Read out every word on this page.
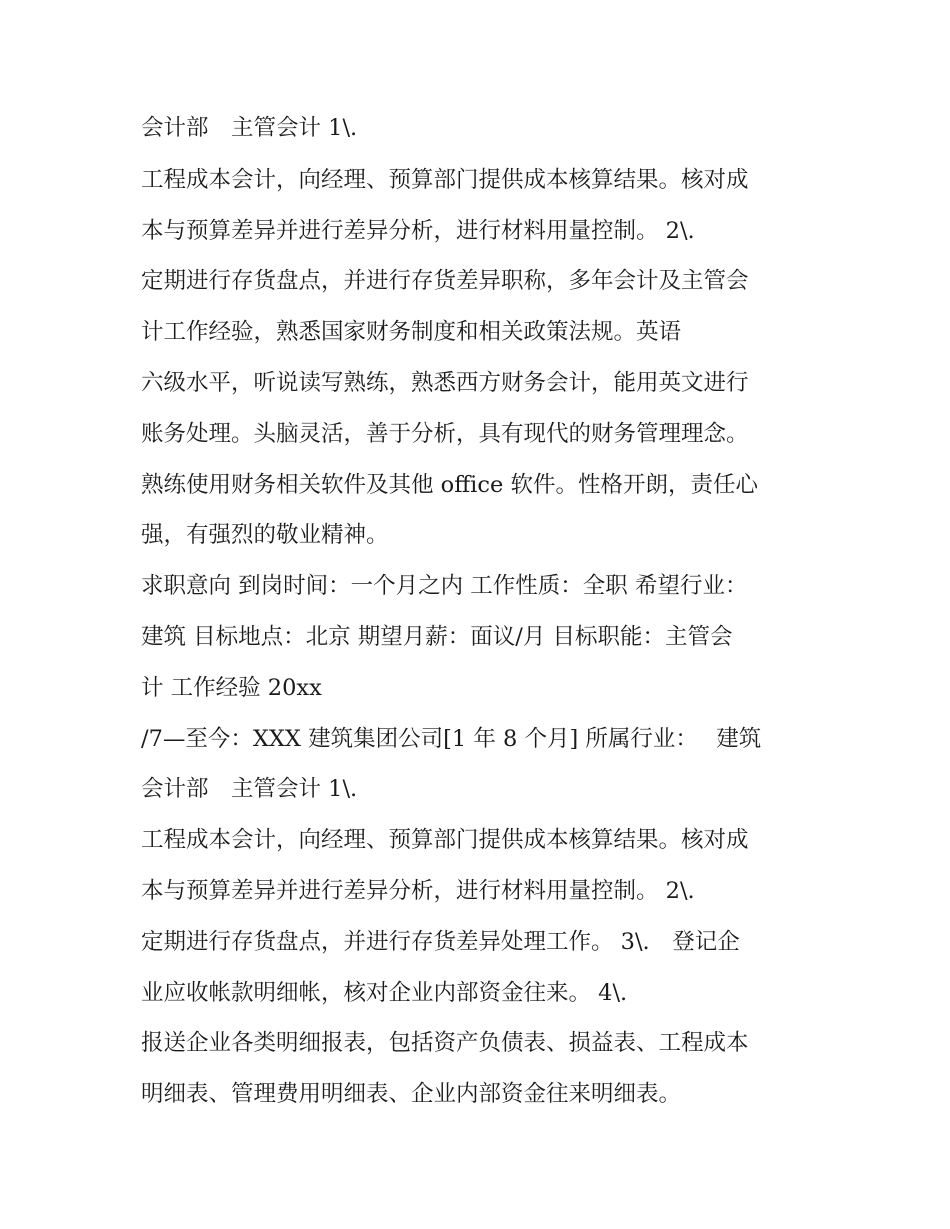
会计部　主管会计 1\.

工程成本会计，向经理、预算部门提供成本核算结果。核对成

本与预算差异并进行差异分析，进行材料用量控制。 2\.

定期进行存货盘点，并进行存货差异职称，多年会计及主管会

计工作经验，熟悉国家财务制度和相关政策法规。英语

六级水平，听说读写熟练，熟悉西方财务会计，能用英文进行

账务处理。头脑灵活，善于分析，具有现代的财务管理理念。

熟练使用财务相关软件及其他 office 软件。性格开朗，责任心

强，有强烈的敬业精神。

求职意向 到岗时间：一个月之内 工作性质：全职 希望行业：

建筑 目标地点：北京 期望月薪：面议/月 目标职能：主管会

计 工作经验 20xx

/7—至今：XXX 建筑集团公司[1 年 8 个月] 所属行业：　 建筑

会计部　主管会计 1\.

工程成本会计，向经理、预算部门提供成本核算结果。核对成

本与预算差异并进行差异分析，进行材料用量控制。 2\.

定期进行存货盘点，并进行存货差异处理工作。 3\.　登记企

业应收帐款明细帐，核对企业内部资金往来。 4\.

报送企业各类明细报表，包括资产负债表、损益表、工程成本

明细表、管理费用明细表、企业内部资金往来明细表。
